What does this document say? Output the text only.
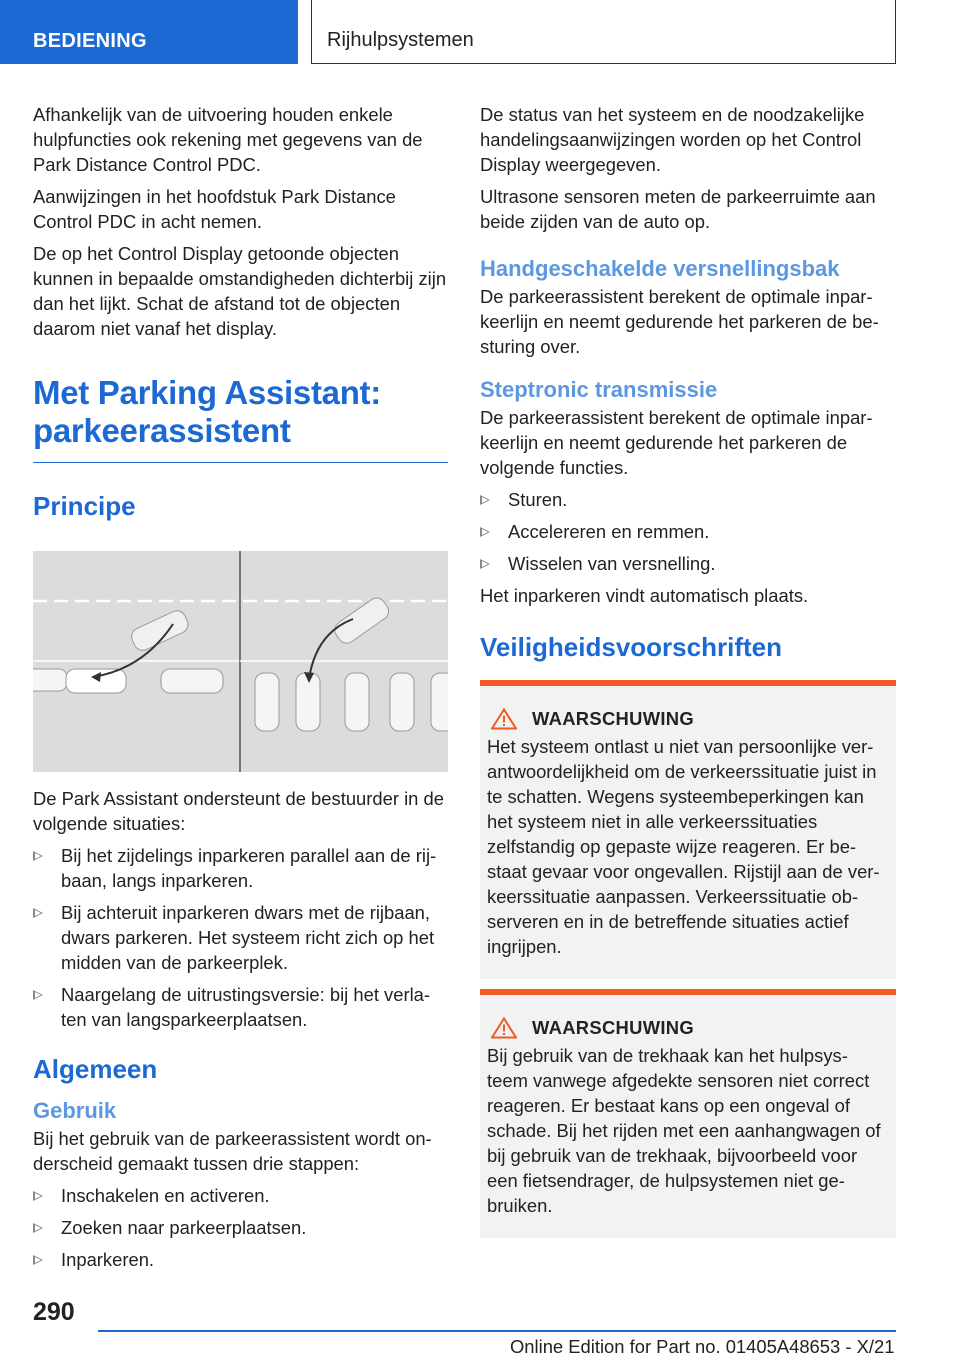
BEDIENING	Rijhulpsystemen

Afhankelijk van de uitvoering houden enkele hulpfuncties ook rekening met gegevens van de Park Distance Control PDC.

Aanwijzingen in het hoofdstuk Park Distance Control PDC in acht nemen.

De op het Control Display getoonde objecten kunnen in bepaalde omstandigheden dichterbij zijn dan het lijkt. Schat de afstand tot de objecten daarom niet vanaf het display.

Met Parking Assistant: parkeerassistent
Principe

De Park Assistant ondersteunt de bestuurder in de volgende situaties:

Bij het zijdelings inparkeren parallel aan de rij-baan, langs inparkeren.
Bij achteruit inparkeren dwars met de rijbaan, dwars parkeren. Het systeem richt zich op het midden van de parkeerplek.
Naargelang de uitrustingsversie: bij het verla-ten van langsparkeerplaatsen.
Algemeen
Gebruik

Bij het gebruik van de parkeerassistent wordt on-derscheid gemaakt tussen drie stappen:

Inschakelen en activeren.
Zoeken naar parkeerplaatsen.
Inparkeren.

De status van het systeem en de noodzakelijke handelingsaanwijzingen worden op het Control Display weergegeven.

Ultrasone sensoren meten de parkeerruimte aan beide zijden van de auto op.

Handgeschakelde versnellingsbak

De parkeerassistent berekent de optimale inpar-keerlijn en neemt gedurende het parkeren de be-sturing over.

Steptronic transmissie

De parkeerassistent berekent de optimale inpar-keerlijn en neemt gedurende het parkeren de volgende functies.

Sturen.
Accelereren en remmen.
Wisselen van versnelling.

Het inparkeren vindt automatisch plaats.

Veiligheidsvoorschriften
WAARSCHUWING

Het systeem ontlast u niet van persoonlijke ver-antwoordelijkheid om de verkeerssituatie juist in te schatten. Wegens systeembeperkingen kan het systeem niet in alle verkeerssituaties zelfstandig op gepaste wijze reageren. Er be-staat gevaar voor ongevallen. Rijstijl aan de ver-keerssituatie aanpassen. Verkeerssituatie ob-serveren en in de betreffende situaties actief ingrijpen.

WAARSCHUWING

Bij gebruik van de trekhaak kan het hulpsys-teem vanwege afgedekte sensoren niet correct reageren. Er bestaat kans op een ongeval of schade. Bij het rijden met een aanhangwagen of bij gebruik van de trekhaak, bijvoorbeeld voor een fietsendrager, de hulpsystemen niet ge-bruiken.

290
Online Edition for Part no. 01405A48653 - X/21
